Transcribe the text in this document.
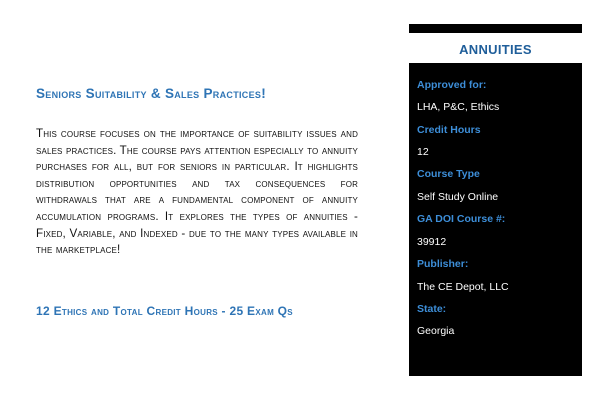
Seniors Suitability & Sales Practices!

This course focuses on the importance of suitability issues and sales practices. The course pays attention especially to annuity purchases for all, but for seniors in particular. It highlights distribution opportunities and tax consequences for withdrawals that are a fundamental component of annuity accumulation programs. It explores the types of annuities - Fixed, Variable, and Indexed - due to the many types available in the marketplace!

12 Ethics and Total Credit Hours - 25 Exam Qs

ANNUITIES
Approved for:
LHA, P&C, Ethics
Credit Hours
12
Course Type
Self Study Online
GA DOI Course #:
39912
Publisher:
The CE Depot, LLC
State:
Georgia
